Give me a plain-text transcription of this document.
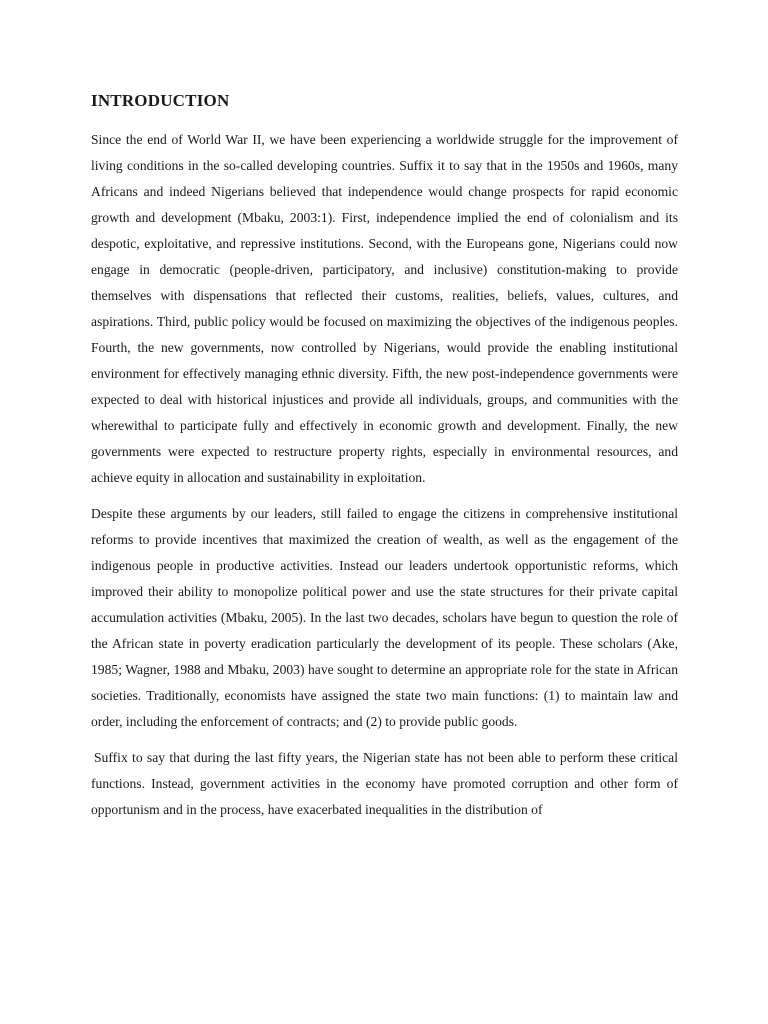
INTRODUCTION

Since the end of World War II, we have been experiencing a worldwide struggle for the improvement of living conditions in the so-called developing countries. Suffix it to say that in the 1950s and 1960s, many Africans and indeed Nigerians believed that independence would change prospects for rapid economic growth and development (Mbaku, 2003:1). First, independence implied the end of colonialism and its despotic, exploitative, and repressive institutions. Second, with the Europeans gone, Nigerians could now engage in democratic (people-driven, participatory, and inclusive) constitution-making to provide themselves with dispensations that reflected their customs, realities, beliefs, values, cultures, and aspirations. Third, public policy would be focused on maximizing the objectives of the indigenous peoples. Fourth, the new governments, now controlled by Nigerians, would provide the enabling institutional environment for effectively managing ethnic diversity. Fifth, the new post-independence governments were expected to deal with historical injustices and provide all individuals, groups, and communities with the wherewithal to participate fully and effectively in economic growth and development. Finally, the new governments were expected to restructure property rights, especially in environmental resources, and achieve equity in allocation and sustainability in exploitation.

Despite these arguments by our leaders, still failed to engage the citizens in comprehensive institutional reforms to provide incentives that maximized the creation of wealth, as well as the engagement of the indigenous people in productive activities. Instead our leaders undertook opportunistic reforms, which improved their ability to monopolize political power and use the state structures for their private capital accumulation activities (Mbaku, 2005). In the last two decades, scholars have begun to question the role of the African state in poverty eradication particularly the development of its people. These scholars (Ake, 1985; Wagner, 1988 and Mbaku, 2003) have sought to determine an appropriate role for the state in African societies. Traditionally, economists have assigned the state two main functions: (1) to maintain law and order, including the enforcement of contracts; and (2) to provide public goods.

Suffix to say that during the last fifty years, the Nigerian state has not been able to perform these critical functions. Instead, government activities in the economy have promoted corruption and other form of opportunism and in the process, have exacerbated inequalities in the distribution of
